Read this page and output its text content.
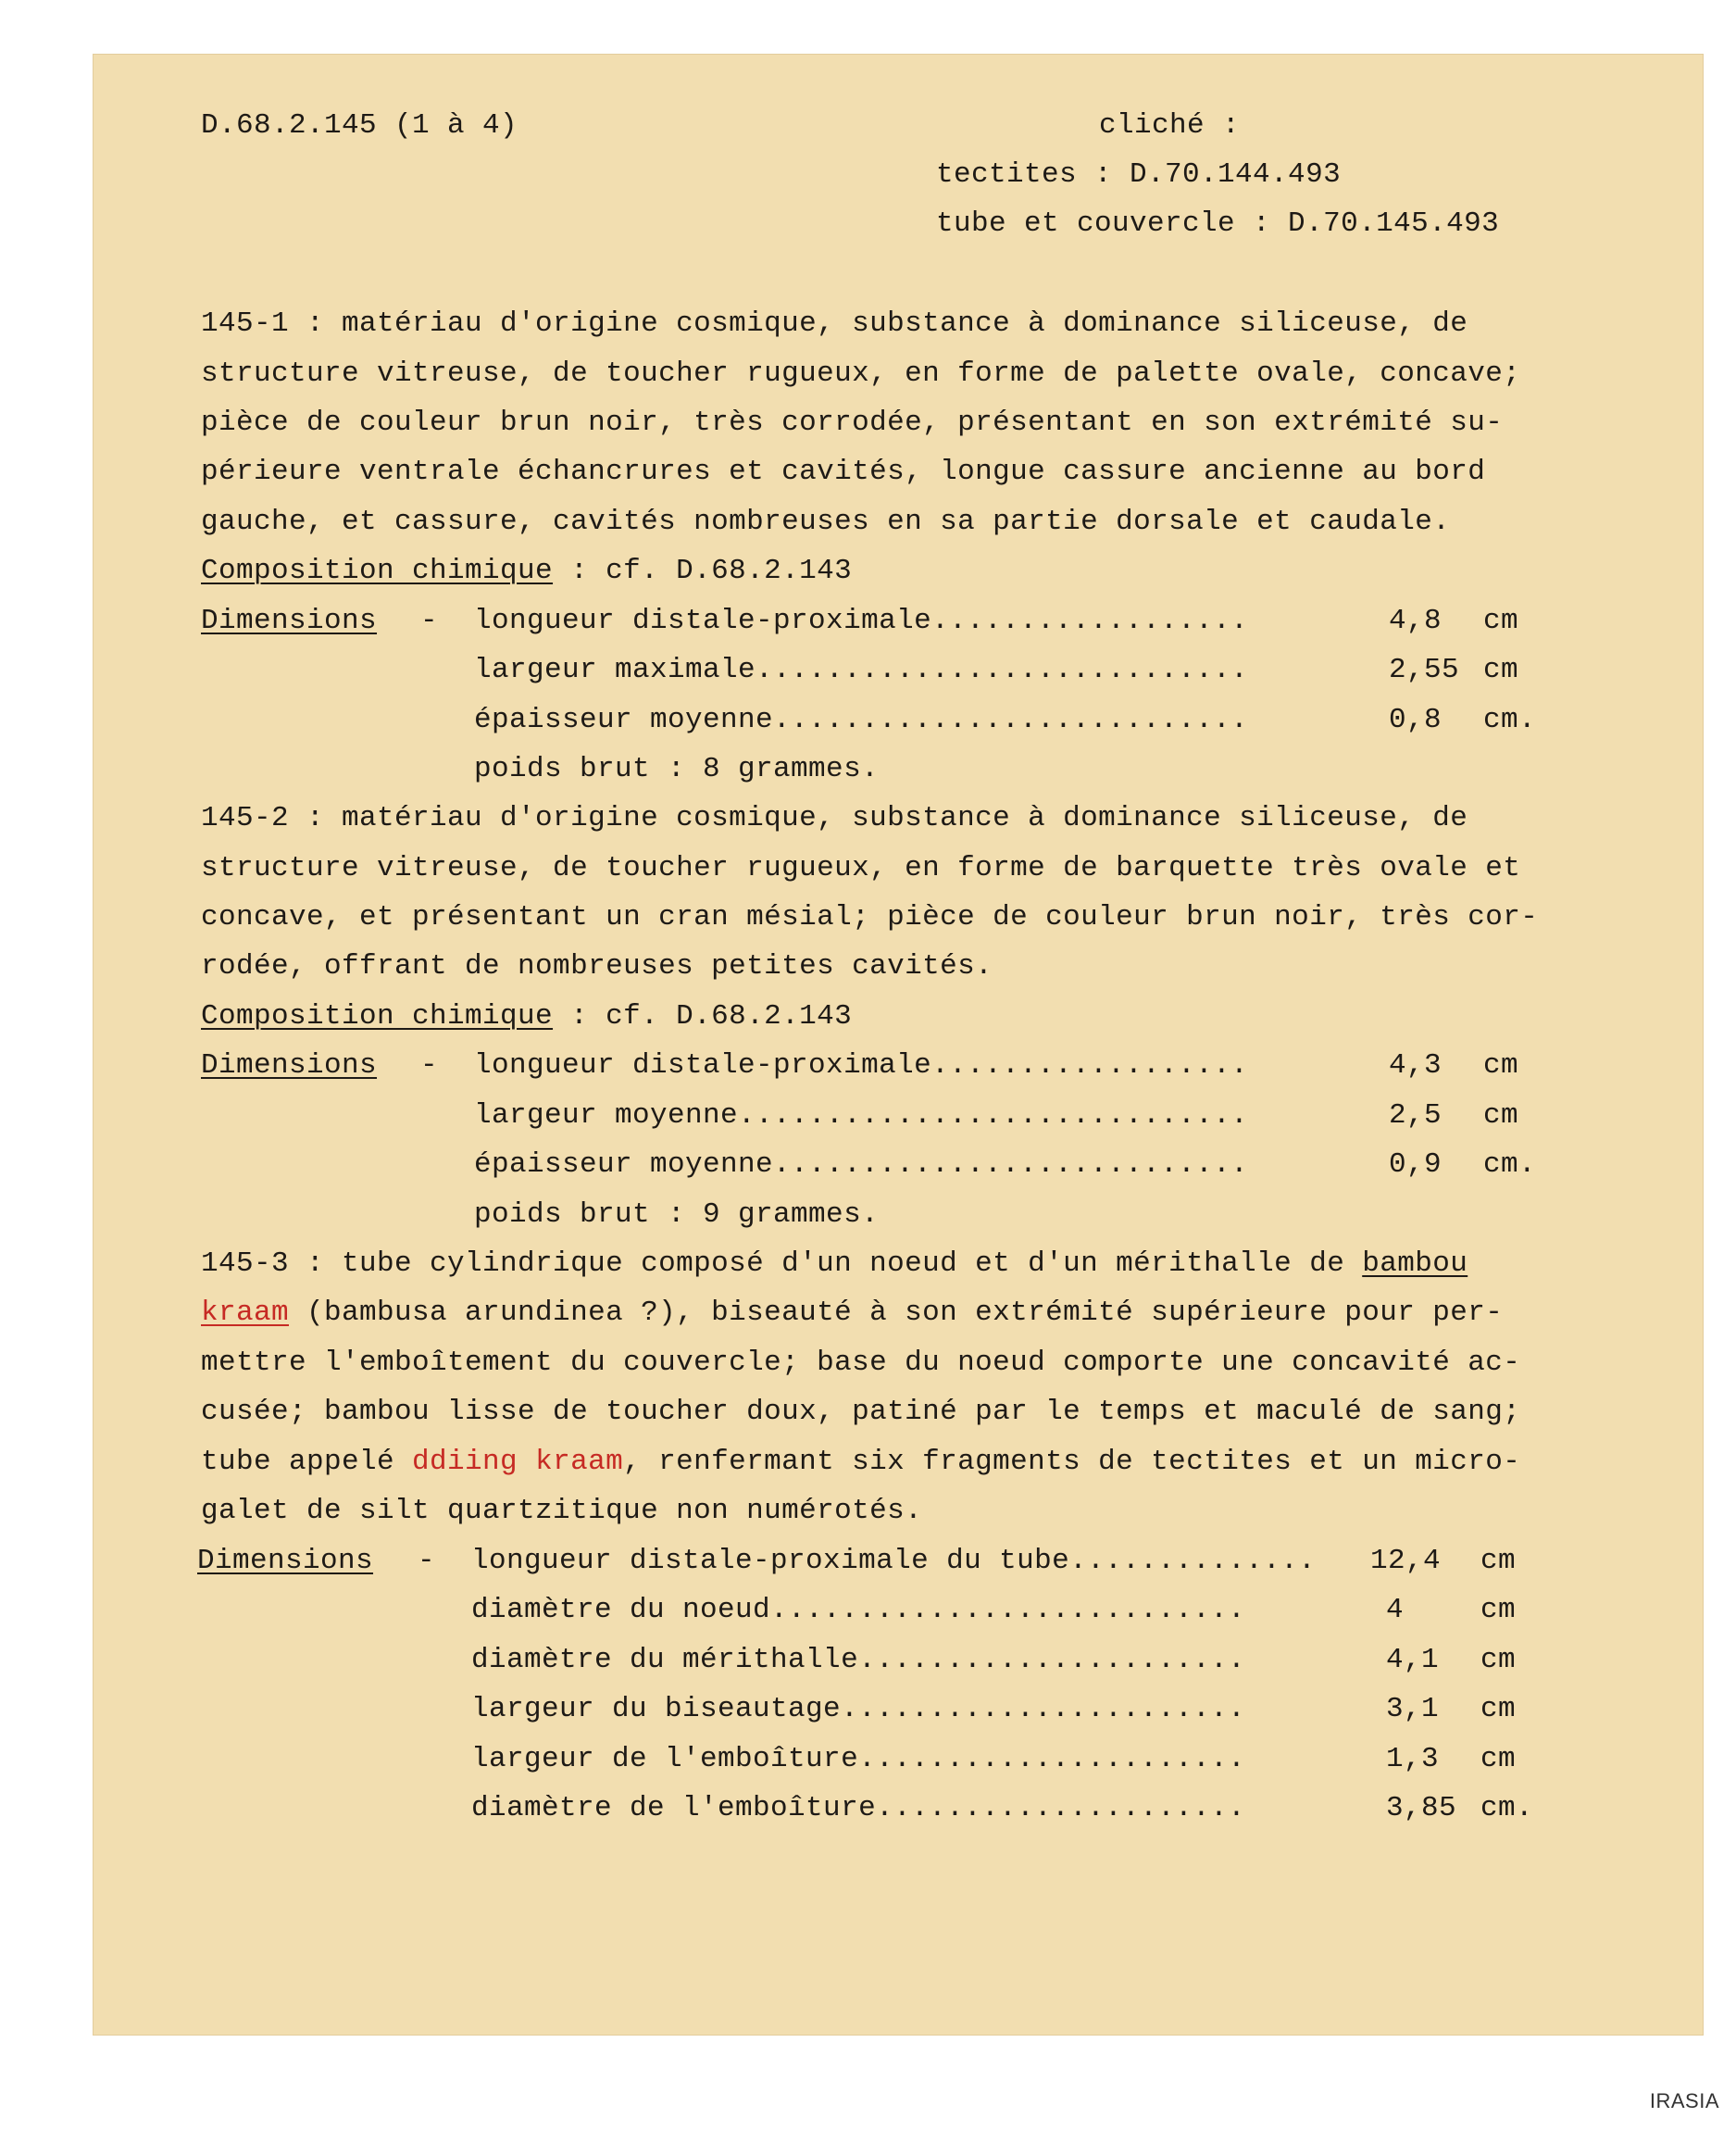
D.68.2.145 (1 à 4)	cliché :
tectites : D.70.144.493
tube et couvercle : D.70.145.493
145-1 : matériau d'origine cosmique, substance à dominance siliceuse, de
structure vitreuse, de toucher rugueux, en forme de palette ovale, concave;
pièce de couleur brun noir, très corrodée, présentant en son extrémité su-
périeure ventrale échancrures et cavités, longue cassure ancienne au bord
gauche, et cassure, cavités nombreuses en sa partie dorsale et caudale.
Composition chimique : cf. D.68.2.143
Dimensions - longueur distale-proximale..................	4,8 cm
largeur maximale............................	2,55 cm
épaisseur moyenne...........................	0,8 cm.
poids brut : 8 grammes.
145-2 : matériau d'origine cosmique, substance à dominance siliceuse, de
structure vitreuse, de toucher rugueux, en forme de barquette très ovale et
concave, et présentant un cran mésial; pièce de couleur brun noir, très cor-
rodée, offrant de nombreuses petites cavités.
Composition chimique : cf. D.68.2.143
Dimensions - longueur distale-proximale..................	4,3 cm
largeur moyenne.............................	2,5 cm
épaisseur moyenne...........................	0,9 cm.
poids brut : 9 grammes.
145-3 : tube cylindrique composé d'un noeud et d'un mérithalle de bambou
kraam (bambusa arundinea ?), biseauté à son extrémité supérieure pour per-
mettre l'emboîtement du couvercle; base du noeud comporte une concavité ac-
cusée; bambou lisse de toucher doux, patiné par le temps et maculé de sang;
tube appelé ddiing kraam, renfermant six fragments de tectites et un micro-
galet de silt quartzitique non numérotés.
Dimensions - longueur distale-proximale du tube.............. 12,4 cm
diamètre du noeud...........................	4	cm
diamètre du mérithalle......................	4,1 cm
largeur du biseautage.......................	3,1 cm
largeur de l'emboîture......................	1,3 cm
diamètre de l'emboîture.....................	3,85 cm.
IRASIA
